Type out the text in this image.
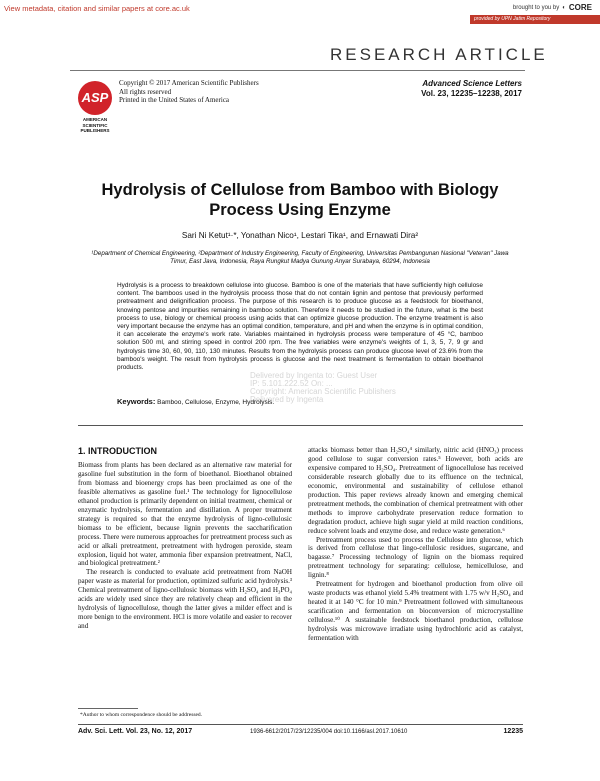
View metadata, citation and similar papers at core.ac.uk	brought to you by ◐ CORE
provided by UPN Jatim Repository
RESEARCH ARTICLE
ASP
AMERICAN SCIENTIFIC PUBLISHERS
Copyright © 2017 American Scientific Publishers
All rights reserved
Printed in the United States of America
Advanced Science Letters
Vol. 23, 12235–12238, 2017
Hydrolysis of Cellulose from Bamboo with Biology Process Using Enzyme
Sari Ni Ketut¹·*, Yonathan Nico¹, Lestari Tika¹, and Ernawati Dira²
¹Department of Chemical Engineering, ²Department of Industry Engineering, Faculty of Engineering, Universitas Pembangunan Nasional "Veteran" Jawa Timur, East Java, Indonesia, Raya Rungkut Madya Gunung Anyar Surabaya, 60294, Indonesia
Hydrolysis is a process to breakdown cellulose into glucose. Bamboo is one of the materials that have sufficiently high cellulose content. The bamboos used in the hydrolysis process those that do not contain lignin and pentose that previously performed pretreatment and delignification process. The purpose of this research is to produce glucose as a feedstock for bioethanol, knowing pentose and impurities remaining in bamboo solution. Therefore it needs to be studied in the future, what is the best process to use, biology or chemical process using acids that can optimize glucose production. The enzyme treatment is also very important because the enzyme has an optimal condition, temperature, and pH and when the enzyme is in optimal condition, it can accelerate the enzyme's work rate. Variables maintained in hydrolysis process were temperature of 45 °C, bamboo solution 500 ml, and stirring speed in control 200 rpm. The free variables were enzyme's weights of 1, 3, 5, 7, 9 gr and hydrolysis time 30, 60, 90, 110, 130 minutes. Results from the hydrolysis process can produce glucose level of 23.6% from the bamboo's weight. The result from hydrolysis process is glucose and the next treatment is fermentation to obtain bioethanol products.
Delivered by Ingenta to: Guest User
IP: 5.101.222.52 On: ...
Copyright: American Scientific Publishers
Delivered by Ingenta
Keywords: Bamboo, Cellulose, Enzyme, Hydrolysis.
1. INTRODUCTION

Biomass from plants has been declared as an alternative raw material for gasoline fuel substitution in the form of bioethanol. Bioethanol obtained from biomass and bioenergy crops has been proclaimed as one of the feasible alternatives as gasoline fuel.¹ The technology for lignocellulose ethanol production is primarily dependent on initial treatment, chemical or enzymatic hydrolysis, fermentation and distillation. A proper treatment strategy is required so that the enzyme hydrolysis of ligno-cellulosic biomass to be efficient, because lignin prevents the saccharification process. There were numerous approaches for pretreatment process such as acid or alkali pretreatment, pretreatment with hydrogen peroxide, steam explosion, liquid hot water, ammonia fiber expansion pretreatment, NaCl, and biological pretreatment.²

The research is conducted to evaluate acid pretreatment from NaOH paper waste as material for production, optimized sulfuric acid hydrolysis.³ Chemical pretreatment of ligno-cellulosic biomass with H₂SO₄ and H₃PO₄ acids are widely used since they are relatively cheap and efficient in the hydrolysis of lignocellulose, though the latter gives a milder effect and is more benign to the environment. HCl is more volatile and easier to recover and

attacks biomass better than H₂SO₄⁴ similarly, nitric acid (HNO₃) process good cellulose to sugar conversion rates.⁵ However, both acids are expensive compared to H₂SO₄. Pretreatment of lignocellulose has received considerable research globally due to its effluence on the technical, economic, environmental and sustainability of cellulose ethanol production. This paper reviews already known and emerging chemical pretreatment methods, the combination of chemical pretreatment with other methods to improve carbohydrate preservation reduce formation to degradation product, achieve high sugar yield at mild reaction conditions, reduce solvent loads and enzyme dose, and reduce waste generation.⁶

Pretreatment process used to process the Cellulose into glucose, which is derived from cellulose that lingo-cellulosic residues, sugarcane, and bagasse.⁷ Processing technology of lignin on the biomass required pretreatment technology for separating: cellulose, hemicellulose, and lignin.⁸

Pretreatment for hydrogen and bioethanol production from olive oil waste products was ethanol yield 5.4% treatment with 1.75 w/v H₂SO₄ and heated it at 140 °C for 10 min.⁹ Pretreatment followed with simultaneous scarification and fermentation on bioconversion of microcrystalline cellulose.¹⁰ A sustainable feedstock bioethanol production, cellulose hydrolysis was microwave irradiate using hydrochloric acid as catalyst, fermentation with

*Author to whom correspondence should be addressed.
Adv. Sci. Lett. Vol. 23, No. 12, 2017	1936-6612/2017/23/12235/004 doi:10.1166/asl.2017.10610	12235
